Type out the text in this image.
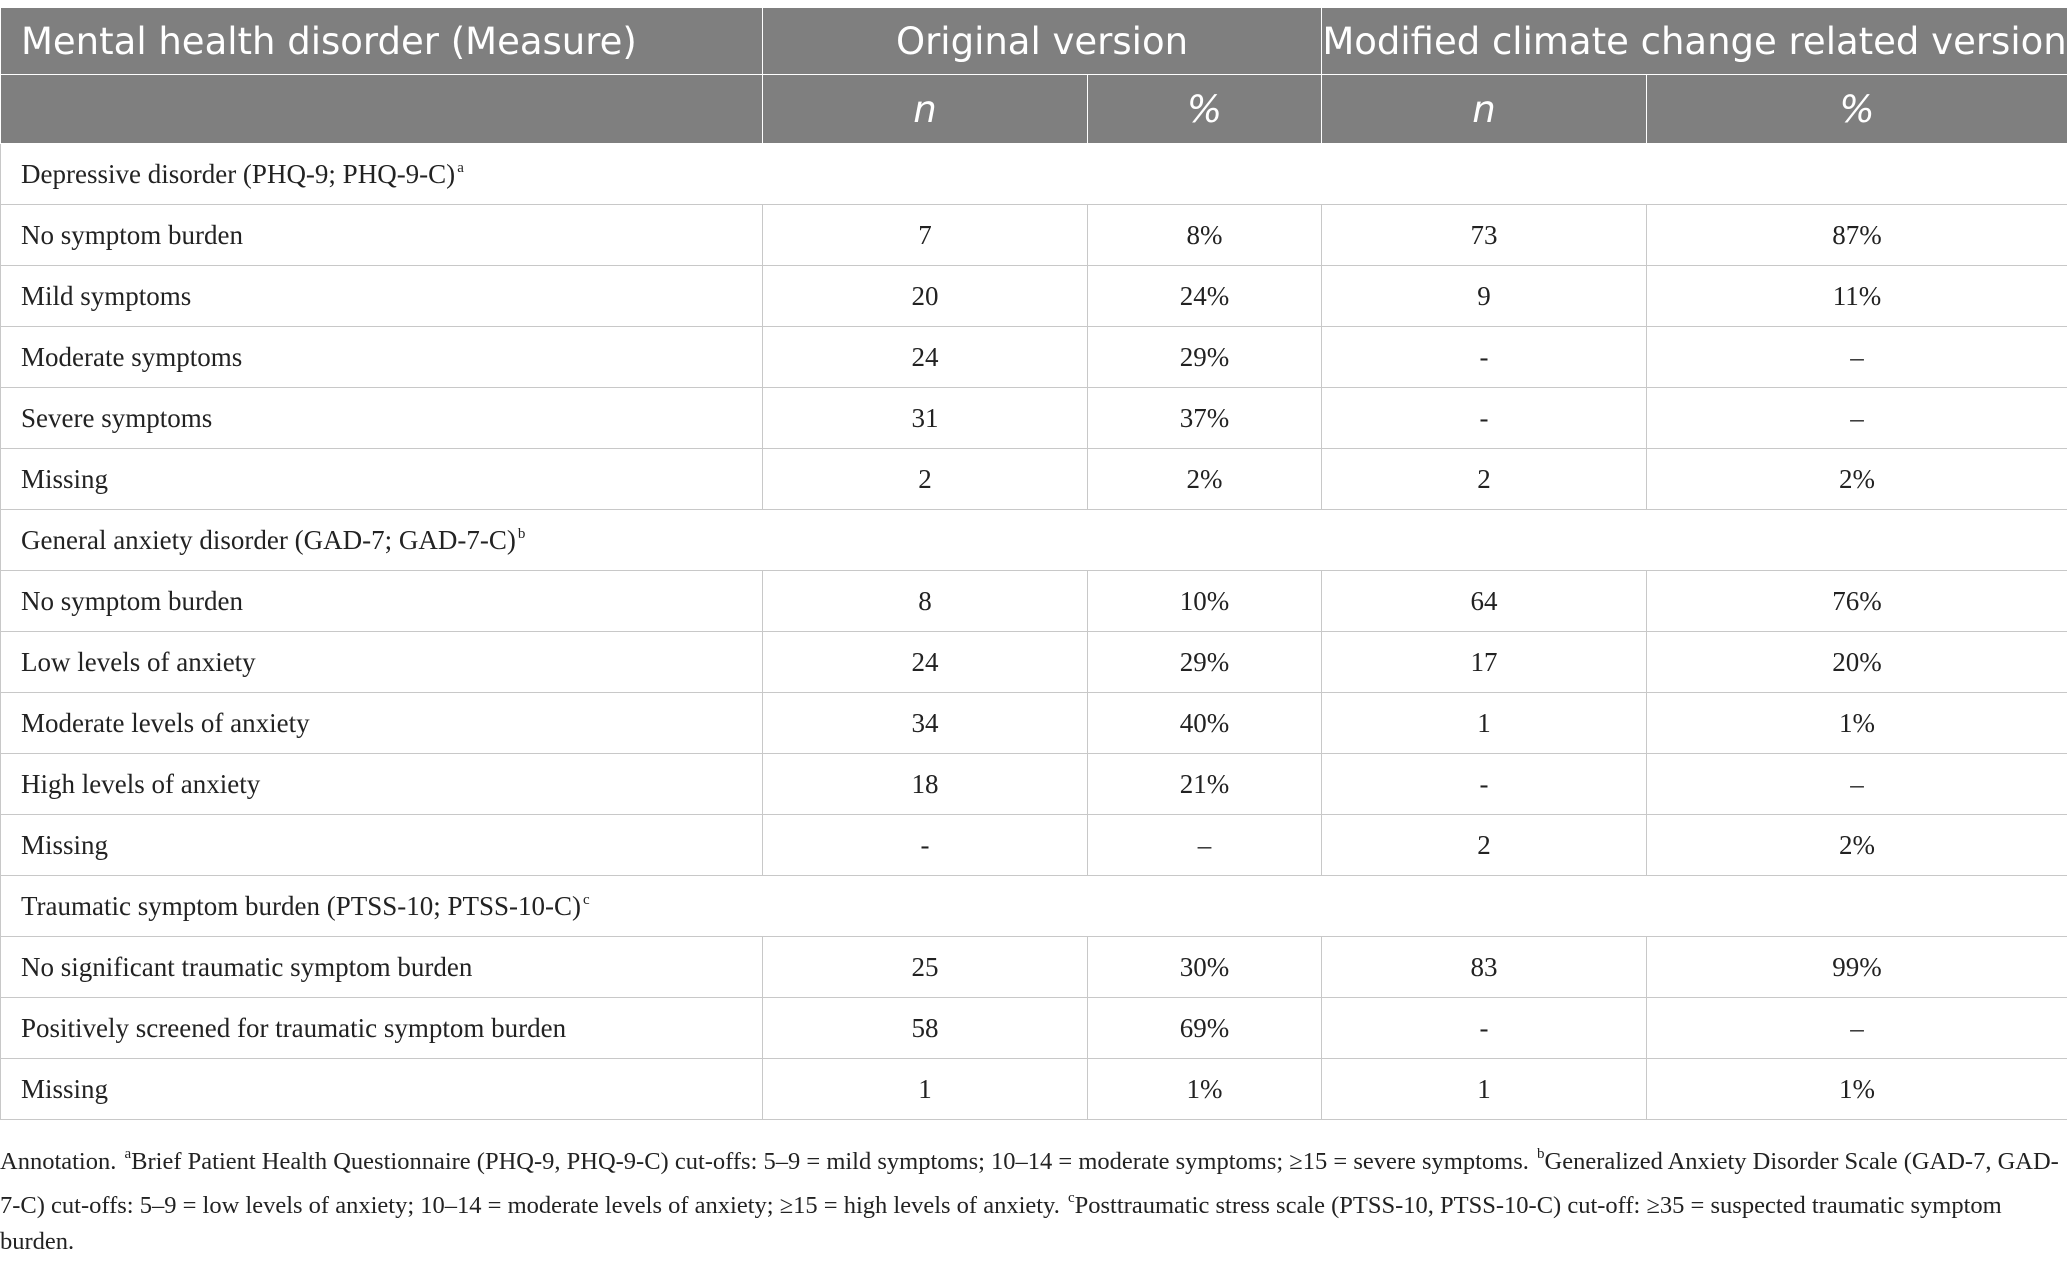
Mental health disorder (Measure)	Original version		Modified climate change related version	
	n	%	n	%
Depressive disorder (PHQ-9; PHQ-9-C) $^a$
No symptom burden	7	8%	73	87%
Mild symptoms	20	24%	9	11%
Moderate symptoms	24	29%	-	–
Severe symptoms	31	37%	-	–
Missing	2	2%	2	2%
General anxiety disorder (GAD-7; GAD-7-C) $^b$
No symptom burden	8	10%	64	76%
Low levels of anxiety	24	29%	17	20%
Moderate levels of anxiety	34	40%	1	1%
High levels of anxiety	18	21%	-	–
Missing	-	–	2	2%
Traumatic symptom burden (PTSS-10; PTSS-10-C) $^c$
No significant traumatic symptom burden	25	30%	83	99%
Positively screened for traumatic symptom burden	58	69%	-	–
Missing	1	1%	1	1%

Annotation. $^a$Brief Patient Health Questionnaire (PHQ-9, PHQ-9-C) cut-offs: 5–9 = mild symptoms; 10–14 = moderate symptoms; ≥15 = severe symptoms. $^b$Generalized Anxiety Disorder Scale (GAD-7, GAD-7-C) cut-offs: 5–9 = low levels of anxiety; 10–14 = moderate levels of anxiety; ≥15 = high levels of anxiety. $^c$Posttraumatic stress scale (PTSS-10, PTSS-10-C) cut-off: ≥35 = suspected traumatic symptom burden.
